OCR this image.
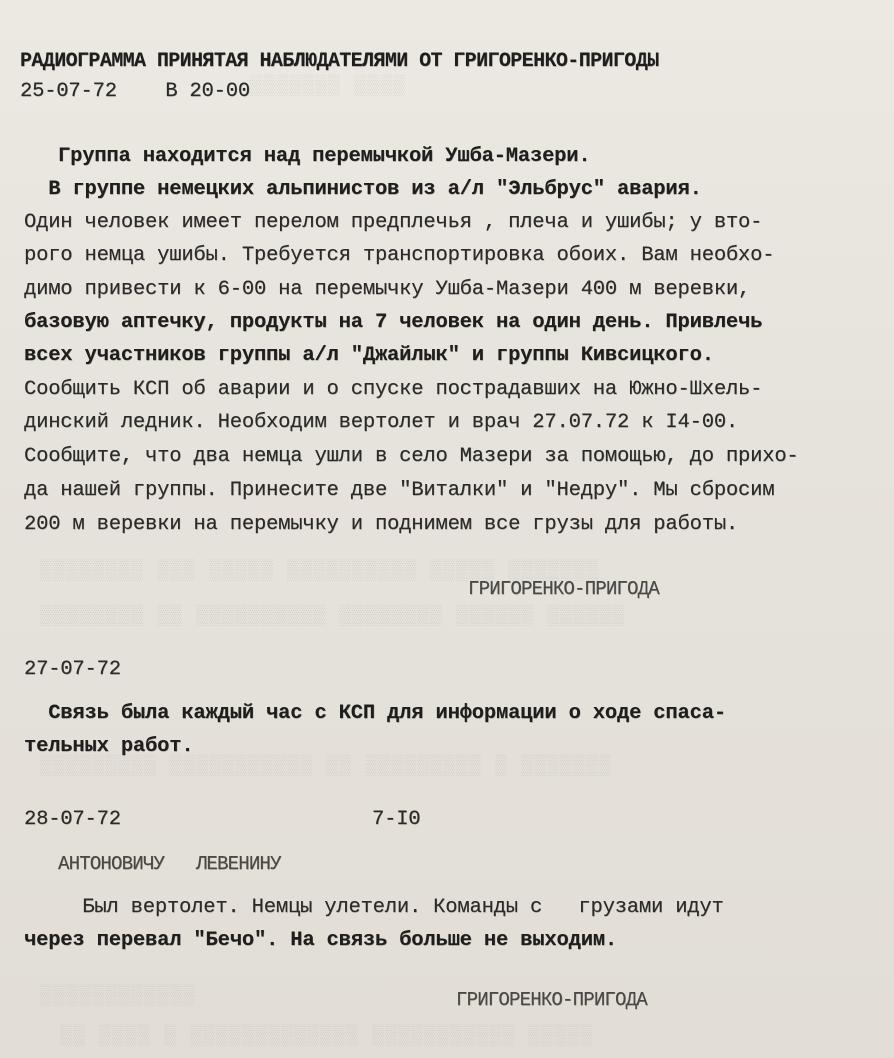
▒▒▒▒▒▒▒ ▒▒▒▒
▒▒▒▒▒▒▒▒ ▒▒▒ ▒▒▒▒▒ ▒▒▒▒▒▒▒▒▒▒ ▒▒▒▒▒ ▒▒▒▒▒▒▒
▒▒▒▒▒▒▒▒ ▒▒ ▒▒▒▒▒▒▒▒▒▒ ▒▒▒▒▒▒▒▒ ▒▒▒▒▒▒ ▒▒▒▒▒▒
▒▒▒▒▒▒▒▒▒ ▒▒▒▒▒▒▒▒▒▒▒ ▒▒ ▒▒▒▒▒▒▒▒▒ ▒ ▒▒▒▒▒▒▒
▒▒▒▒▒▒▒▒▒▒▒▒
▒▒ ▒▒▒▒ ▒ ▒▒▒▒▒▒▒▒▒▒▒▒▒ ▒▒▒▒▒▒▒▒▒▒▒ ▒▒▒▒▒
РАДИОГРАММА ПРИНЯТАЯ НАБЛЮДАТЕЛЯМИ ОТ ГРИГОРЕНКО-ПРИГОДЫ
25-07-72    В 20-00
Группа находится над перемычкой Ушба-Мазери.
В группе немецких альпинистов из а/л "Эльбрус" авария.
Один человек имеет перелом предплечья , плеча и ушибы; у вто-
рого немца ушибы. Требуется транспортировка обоих. Вам необхо-
димо привести к 6-00 на перемычку Ушба-Мазери 400 м веревки,
базовую аптечку, продукты на 7 человек на один день. Привлечь
всех участников группы а/л "Джайлык" и группы Кивсицкого.
Сообщить КСП об аварии и о спуске пострадавших на Южно-Шхель-
динский ледник. Необходим вертолет и врач 27.07.72 к I4-00.
Сообщите, что два немца ушли в село Мазери за помощью, до прихо-
да нашей группы. Принесите две "Виталки" и "Недру". Мы сбросим
200 м веревки на перемычку и поднимем все грузы для работы.
ГРИГОРЕНКО-ПРИГОДА
27-07-72
Связь была каждый час с КСП для информации о ходе спаса-
тельных работ.
28-07-72	7-I0
АНТОНОВИЧУ   ЛЕВЕНИНУ
Был вертолет. Немцы улетели. Команды с   грузами идут
через перевал "Бечо". На связь больше не выходим.
ГРИГОРЕНКО-ПРИГОДА
